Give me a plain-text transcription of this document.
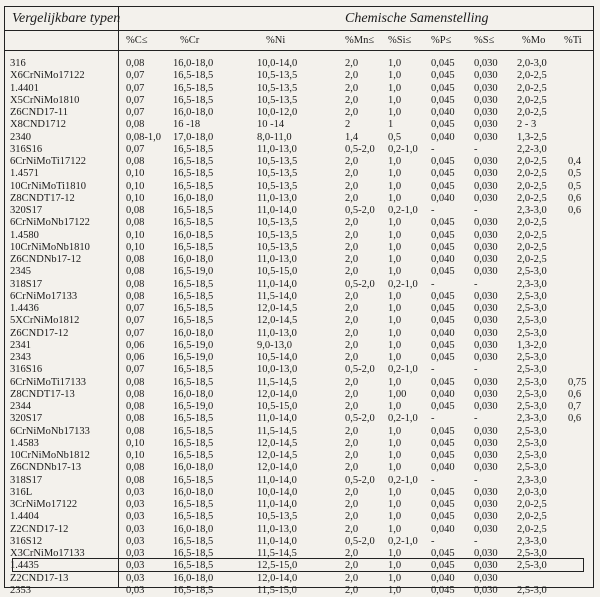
Vergelijkbare typen	Chemische Samenstelling
%C≤	%Cr	%Ni	%Mn≤ %Si≤ %P≤ %S≤	%Mo %Ti
316	0,08	16,0-18,0	10,0-14,0	2,0	1,0	0,045 0,030 2,0-3,0
X6CrNiMo17122	0,07	16,5-18,5	10,5-13,5	2,0	1,0	0,045 0,030 2,0-2,5
1.4401	0,07	16,5-18,5	10,5-13,5	2,0	1,0	0,045 0,030 2,0-2,5
X5CrNiMo1810	0,07	16,5-18,5	10,5-13,5	2,0	1,0	0,045 0,030 2,0-2,5
Z6CND17-11	0,07	16,0-18,0	10,0-12,0	2,0	1,0	0,040 0,030 2,0-2,5
X8CND1712	0,08	16 -18	10 -14	2	1	0,045 0,030 2 - 3
2340	0,08-1,0 17,0-18,0	8,0-11,0	1,4	0,5	0,040 0,030 1,3-2,5
316S16	0,07	16,5-18,5	11,0-13,0	0,5-2,0 0,2-1,0 -	-	2,2-3,0
6CrNiMoTi17122	0,08	16,5-18,5	10,5-13,5	2,0	1,0	0,045 0,030 2,0-2,5 0,4
1.4571	0,10	16,5-18,5	10,5-13,5	2,0	1,0	0,045 0,030 2,0-2,5 0,5
10CrNiMoTi1810	0,10	16,5-18,5	10,5-13,5	2,0	1,0	0,045 0,030 2,0-2,5 0,5
Z8CNDT17-12	0,10	16,0-18,0	11,0-13,0	2,0	1,0	0,040 0,030 2,0-2,5 0,6
320S17	0,08	16,5-18,5	11,0-14,0	0,5-2,0 0,2-1,0 -	-	2,3-3,0 0,6
6CrNiMoNb17122	0,08	16,5-18,5	10,5-13,5	2,0	1,0	0,045 0,030 2,0-2,5
1.4580	0,10	16,0-18,5	10,5-13,5	2,0	1,0	0,045 0,030 2,0-2,5
10CrNiMoNb1810	0,10	16,5-18,5	10,5-13,5	2,0	1,0	0,045 0,030 2,0-2,5
Z6CNDNb17-12	0,08	16,0-18,0	11,0-13,0	2,0	1,0	0,040 0,030 2,0-2,5
2345	0,08	16,5-19,0	10,5-15,0	2,0	1,0	0,045 0,030 2,5-3,0
318S17	0,08	16,5-18,5	11,0-14,0	0,5-2,0 0,2-1,0 -	-	2,3-3,0
6CrNiMo17133	0,08	16,5-18,5	11,5-14,0	2,0	1,0	0,045 0,030 2,5-3,0
1.4436	0,07	16,5-18,5	12,0-14,5	2,0	1,0	0,045 0,030 2,5-3,0
5XCrNiMo1812	0,07	16,5-18,5	12,0-14,5	2,0	1,0	0,045 0,030 2,5-3,0
Z6CND17-12	0,07	16,0-18,0	11,0-13,0	2,0	1,0	0,040 0,030 2,5-3,0
2341	0,06	16,5-19,0	9,0-13,0	2,0	1,0	0,045 0,030 1,3-2,0
2343	0,06	16,5-19,0	10,5-14,0	2,0	1,0	0,045 0,030 2,5-3,0
316S16	0,07	16,5-18,5	10,0-13,0	0,5-2,0 0,2-1,0 -	-	2,5-3,0
6CrNiMoTi17133	0,08	16,5-18,5	11,5-14,5	2,0	1,0	0,045 0,030 2,5-3,0 0,75
Z8CNDT17-13	0,08	16,0-18,0	12,0-14,0	2,0	1,00 0,040 0,030 2,5-3,0 0,6
2344	0,08	16,5-19,0	10,5-15,0	2,0	1,0	0,045 0,030 2,5-3,0 0,7
320S17	0,08	16,5-18,5	11,0-14,0	0,5-2,0 0,2-1,0 -	-	2,3-3,0 0,6
6CrNiMoNb17133	0,08	16,5-18,5	11,5-14,5	2,0	1,0	0,045 0,030 2,5-3,0
1.4583	0,10	16,5-18,5	12,0-14,5	2,0	1,0	0,045 0,030 2,5-3,0
10CrNiMoNb1812	0,10	16,5-18,5	12,0-14,5	2,0	1,0	0,045 0,030 2,5-3,0
Z6CNDNb17-13	0,08	16,0-18,0	12,0-14,0	2,0	1,0	0,040 0,030 2,5-3,0
318S17	0,08	16,5-18,5	11,0-14,0	0,5-2,0 0,2-1,0 -	-	2,3-3,0
316L	0,03	16,0-18,0	10,0-14,0	2,0	1,0	0,045 0,030 2,0-3,0
3CrNiMo17122	0,03	16,5-18,5	11,0-14,0	2,0	1,0	0,045 0,030 2,0-2,5
1.4404	0,03	16,5-18,5	10,5-13,5	2,0	1,0	0,045 0,030 2,0-2,5
Z2CND17-12	0,03	16,0-18,0	11,0-13,0	2,0	1,0	0,040 0,030 2,0-2,5
316S12	0,03	16,5-18,5	11,0-14,0	0,5-2,0 0,2-1,0 -	-	2,3-3,0
X3CrNiMo17133	0,03	16,5-18,5	11,5-14,5	2,0	1,0	0,045 0,030 2,5-3,0
1.4435	0,03	16,5-18,5	12,5-15,0	2,0	1,0	0,045 0,030 2,5-3,0
Z2CND17-13	0,03	16,0-18,0	12,0-14,0	2,0	1,0	0,040 0,030
2353	0,03	16,5-18,5	11,5-15,0	2,0	1,0	0,045 0,030 2,5-3,0
